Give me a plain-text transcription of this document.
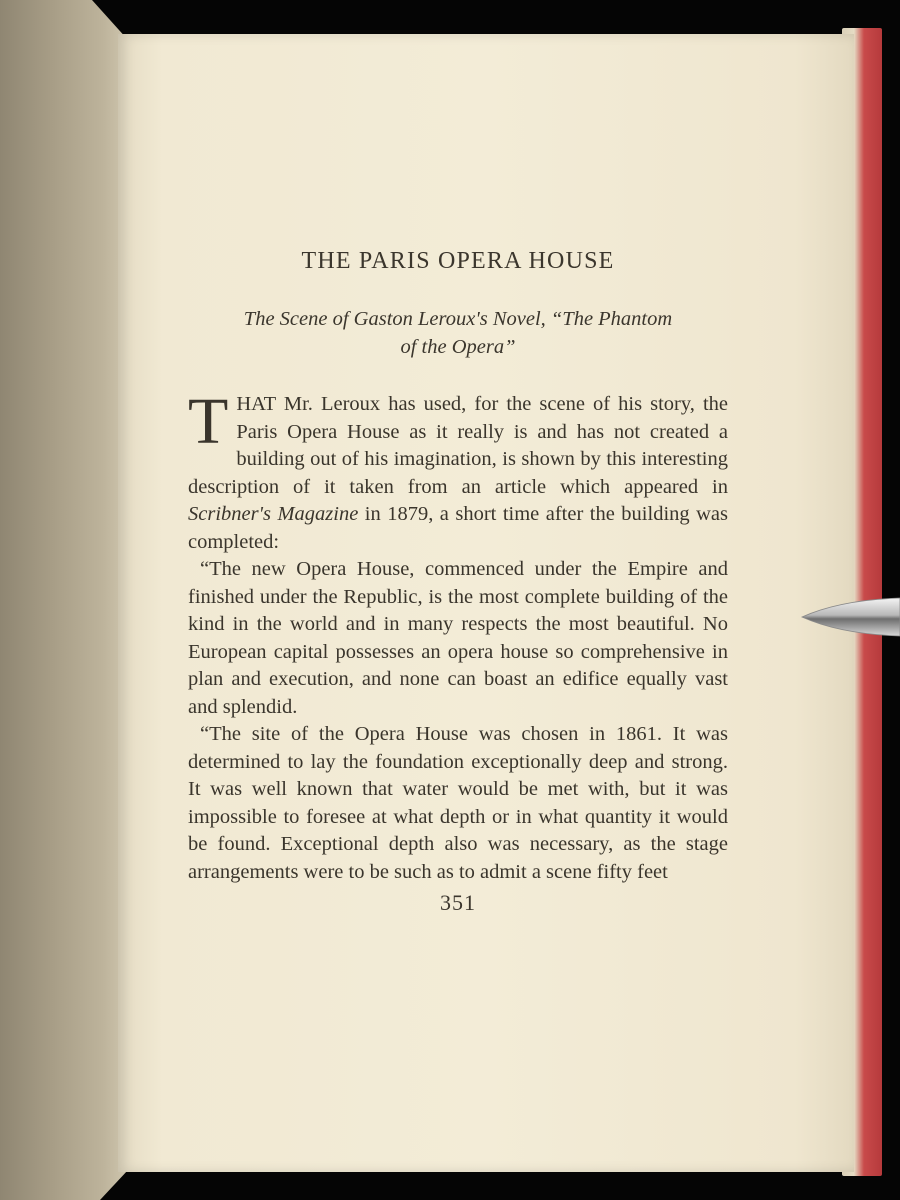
THE PARIS OPERA HOUSE
The Scene of Gaston Leroux's Novel, “The Phantom
of the Opera”

THAT Mr. Leroux has used, for the scene of his story, the Paris Opera House as it really is and has not created a building out of his imagination, is shown by this interesting description of it taken from an article which appeared in Scribner's Magazine in 1879, a short time after the building was completed:

“The new Opera House, commenced under the Empire and finished under the Republic, is the most complete building of the kind in the world and in many respects the most beautiful. No European capital possesses an opera house so comprehensive in plan and execution, and none can boast an edifice equally vast and splendid.

“The site of the Opera House was chosen in 1861. It was determined to lay the foundation exceptionally deep and strong. It was well known that water would be met with, but it was impossible to foresee at what depth or in what quantity it would be found. Exceptional depth also was necessary, as the stage arrangements were to be such as to admit a scene fifty feet

351
